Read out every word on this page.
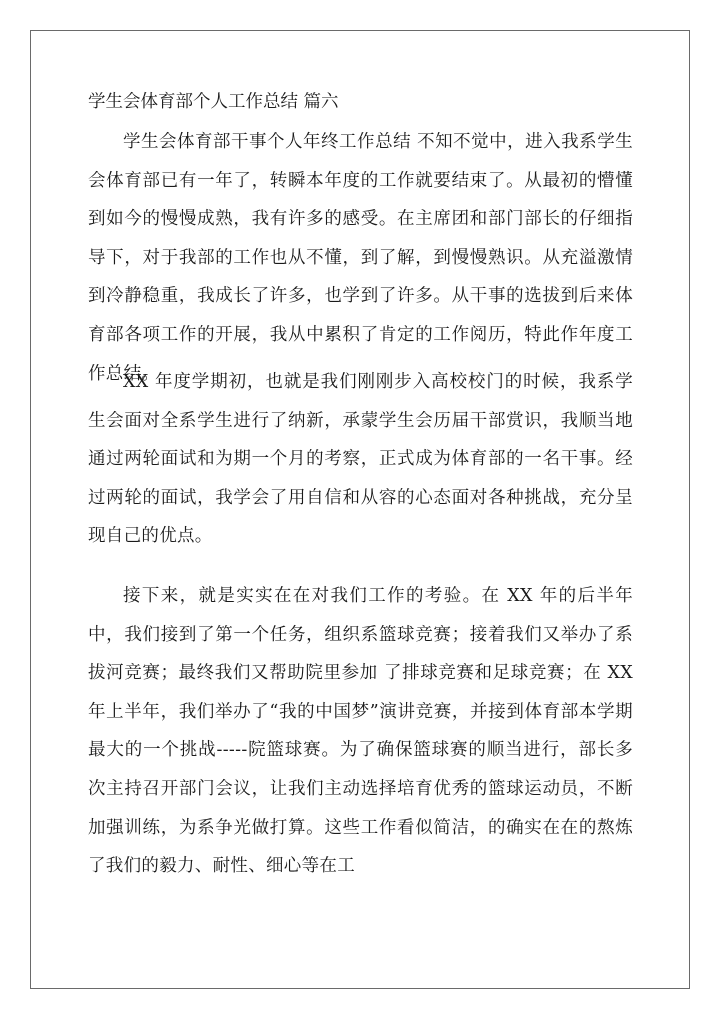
学生会体育部个人工作总结 篇六

学生会体育部干事个人年终工作总结 不知不觉中，进入我系学生会体育部已有一年了，转瞬本年度的工作就要结束了。从最初的懵懂到如今的慢慢成熟，我有许多的感受。在主席团和部门部长的仔细指导下，对于我部的工作也从不懂，到了解，到慢慢熟识。从充溢激情到冷静稳重，我成长了许多，也学到了许多。从干事的选拔到后来体育部各项工作的开展，我从中累积了肯定的工作阅历，特此作年度工作总结。

XX 年度学期初，也就是我们刚刚步入高校校门的时候，我系学生会面对全系学生进行了纳新，承蒙学生会历届干部赏识，我顺当地通过两轮面试和为期一个月的考察，正式成为体育部的一名干事。经过两轮的面试，我学会了用自信和从容的心态面对各种挑战，充分呈现自己的优点。

接下来，就是实实在在对我们工作的考验。在 XX 年的后半年中，我们接到了第一个任务，组织系篮球竞赛；接着我们又举办了系拔河竞赛；最终我们又帮助院里参加 了排球竞赛和足球竞赛；在 XX 年上半年，我们举办了“我的中国梦”演讲竞赛，并接到体育部本学期最大的一个挑战-----院篮球赛。为了确保篮球赛的顺当进行，部长多次主持召开部门会议，让我们主动选择培育优秀的篮球运动员，不断加强训练，为系争光做打算。这些工作看似简洁，的确实在在的熬炼了我们的毅力、耐性、细心等在工
